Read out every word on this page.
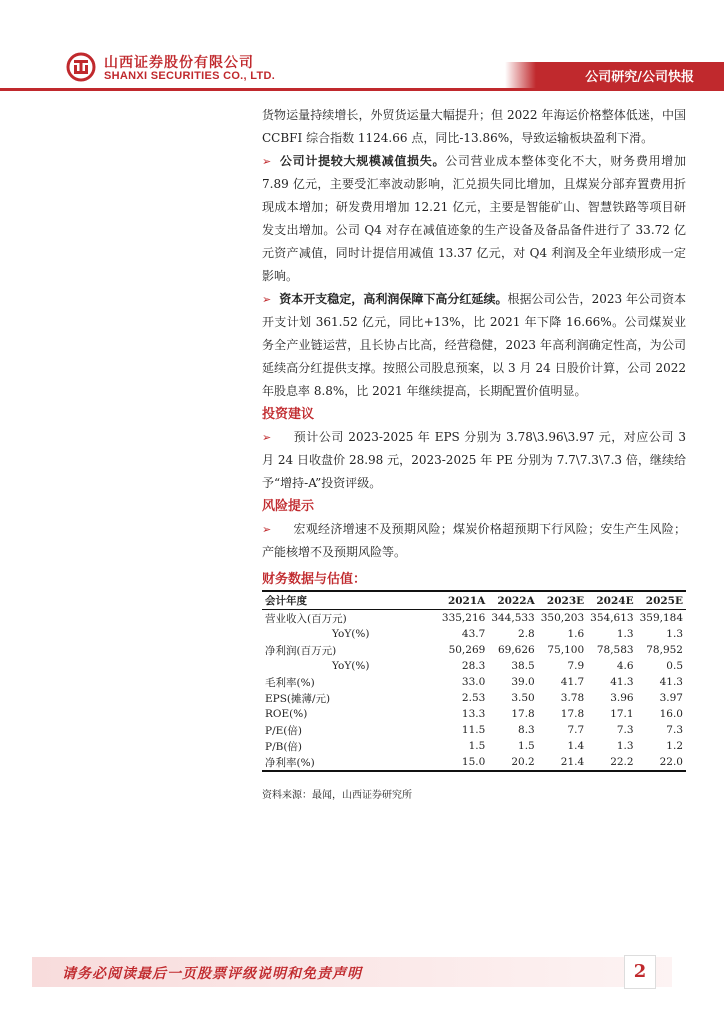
山西证券股份有限公司
SHANXI SECURITIES CO., LTD.	公司研究/公司快报

货物运量持续增长，外贸货运量大幅提升；但 2022 年海运价格整体低迷，中国 CCBFI 综合指数 1124.66 点，同比-13.86%，导致运输板块盈利下滑。

➢ 公司计提较大规模减值损失。公司营业成本整体变化不大，财务费用增加 7.89 亿元，主要受汇率波动影响，汇兑损失同比增加，且煤炭分部弃置费用折现成本增加；研发费用增加 12.21 亿元，主要是智能矿山、智慧铁路等项目研发支出增加。公司 Q4 对存在减值迹象的生产设备及备品备件进行了 33.72 亿元资产减值，同时计提信用减值 13.37 亿元，对 Q4 利润及全年业绩形成一定影响。

➢ 资本开支稳定，高利润保障下高分红延续。根据公司公告，2023 年公司资本开支计划 361.52 亿元，同比+13%，比 2021 年下降 16.66%。公司煤炭业务全产业链运营，且长协占比高，经营稳健，2023 年高利润确定性高，为公司延续高分红提供支撑。按照公司股息预案，以 3 月 24 日股价计算，公司 2022 年股息率 8.8%，比 2021 年继续提高，长期配置价值明显。

投资建议

➢ 预计公司 2023-2025 年 EPS 分别为 3.78\3.96\3.97 元，对应公司 3 月 24 日收盘价 28.98 元，2023-2025 年 PE 分别为 7.7\7.3\7.3 倍，继续给予“增持-A”投资评级。

风险提示

➢ 宏观经济增速不及预期风险；煤炭价格超预期下行风险；安生产生风险；产能核增不及预期风险等。

财务数据与估值：
会计年度	2021A	2022A	2023E	2024E	2025E
营业收入(百万元)	335,216	344,533	350,203	354,613	359,184
YoY(%)	43.7	2.8	1.6	1.3	1.3
净利润(百万元)	50,269	69,626	75,100	78,583	78,952
YoY(%)	28.3	38.5	7.9	4.6	0.5
毛利率(%)	33.0	39.0	41.7	41.3	41.3
EPS(摊薄/元)	2.53	3.50	3.78	3.96	3.97
ROE(%)	13.3	17.8	17.8	17.1	16.0
P/E(倍)	11.5	8.3	7.7	7.3	7.3
P/B(倍)	1.5	1.5	1.4	1.3	1.2
净利率(%)	15.0	20.2	21.4	22.2	22.0
资料来源：最闻，山西证券研究所
请务必阅读最后一页股票评级说明和免责声明	2
